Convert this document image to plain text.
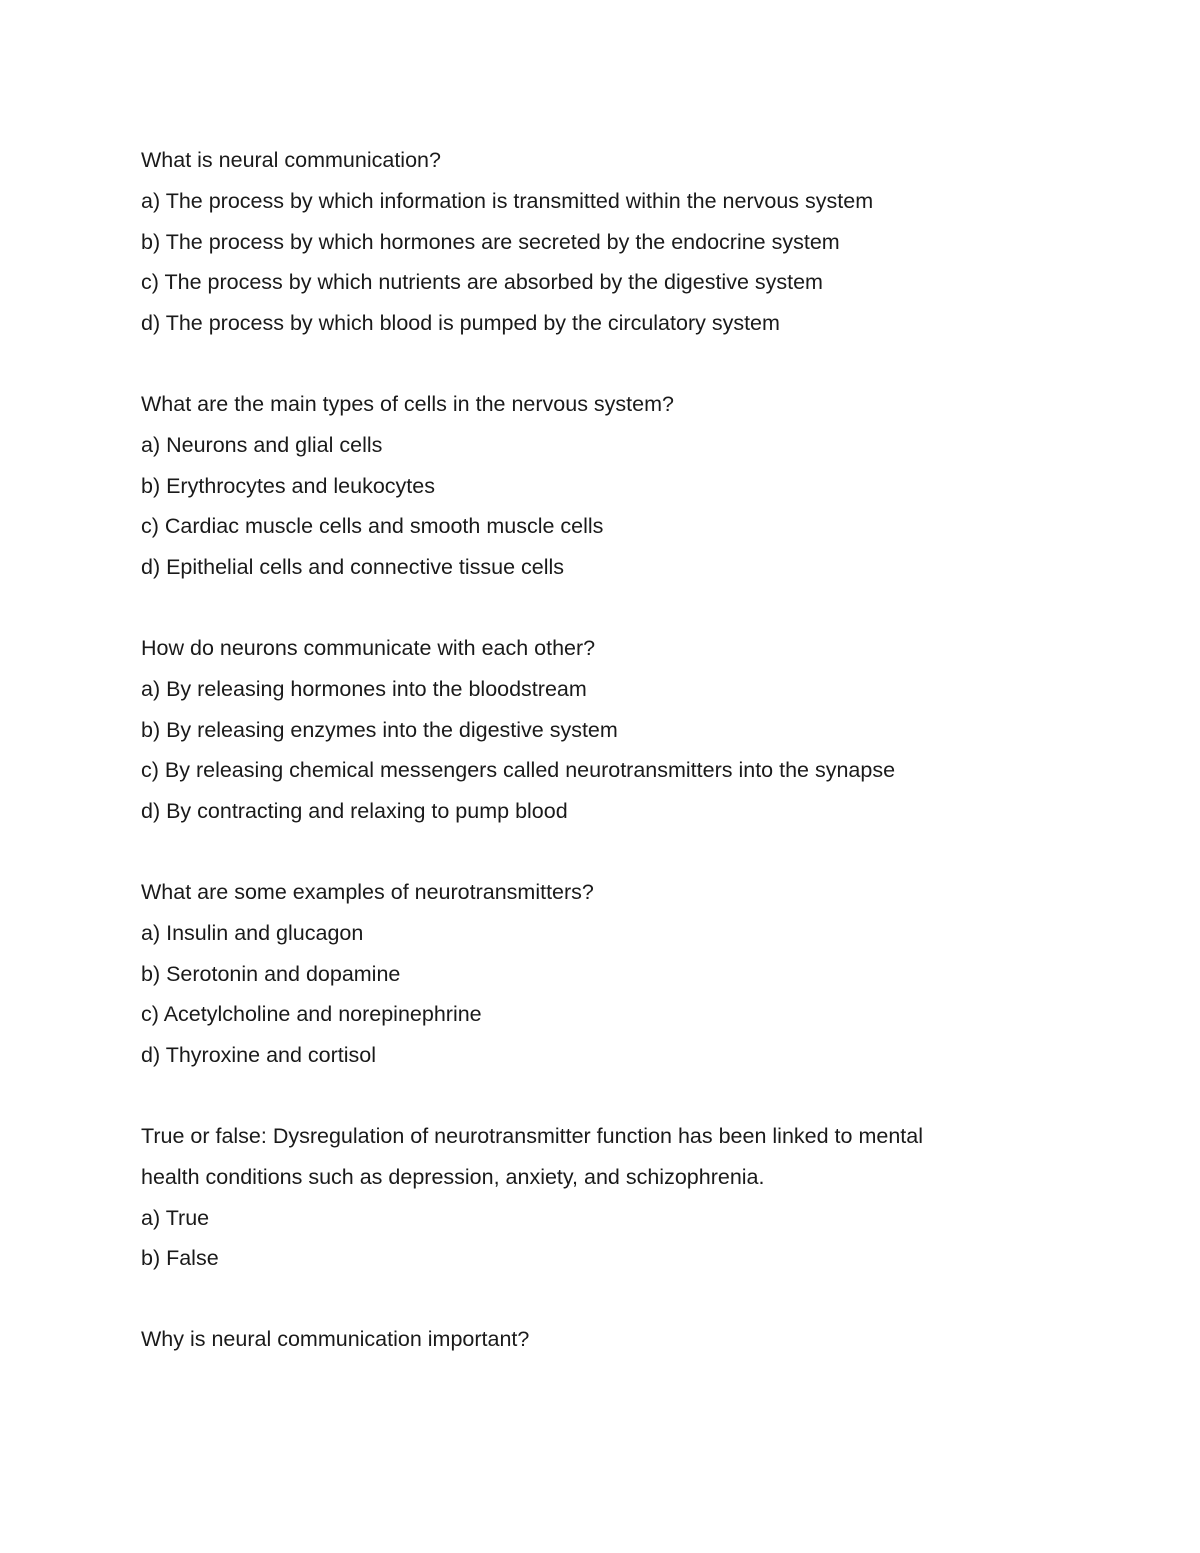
What is neural communication?
a) The process by which information is transmitted within the nervous system
b) The process by which hormones are secreted by the endocrine system
c) The process by which nutrients are absorbed by the digestive system
d) The process by which blood is pumped by the circulatory system
What are the main types of cells in the nervous system?
a) Neurons and glial cells
b) Erythrocytes and leukocytes
c) Cardiac muscle cells and smooth muscle cells
d) Epithelial cells and connective tissue cells
How do neurons communicate with each other?
a) By releasing hormones into the bloodstream
b) By releasing enzymes into the digestive system
c) By releasing chemical messengers called neurotransmitters into the synapse
d) By contracting and relaxing to pump blood
What are some examples of neurotransmitters?
a) Insulin and glucagon
b) Serotonin and dopamine
c) Acetylcholine and norepinephrine
d) Thyroxine and cortisol
True or false: Dysregulation of neurotransmitter function has been linked to mental
health conditions such as depression, anxiety, and schizophrenia.
a) True
b) False
Why is neural communication important?
